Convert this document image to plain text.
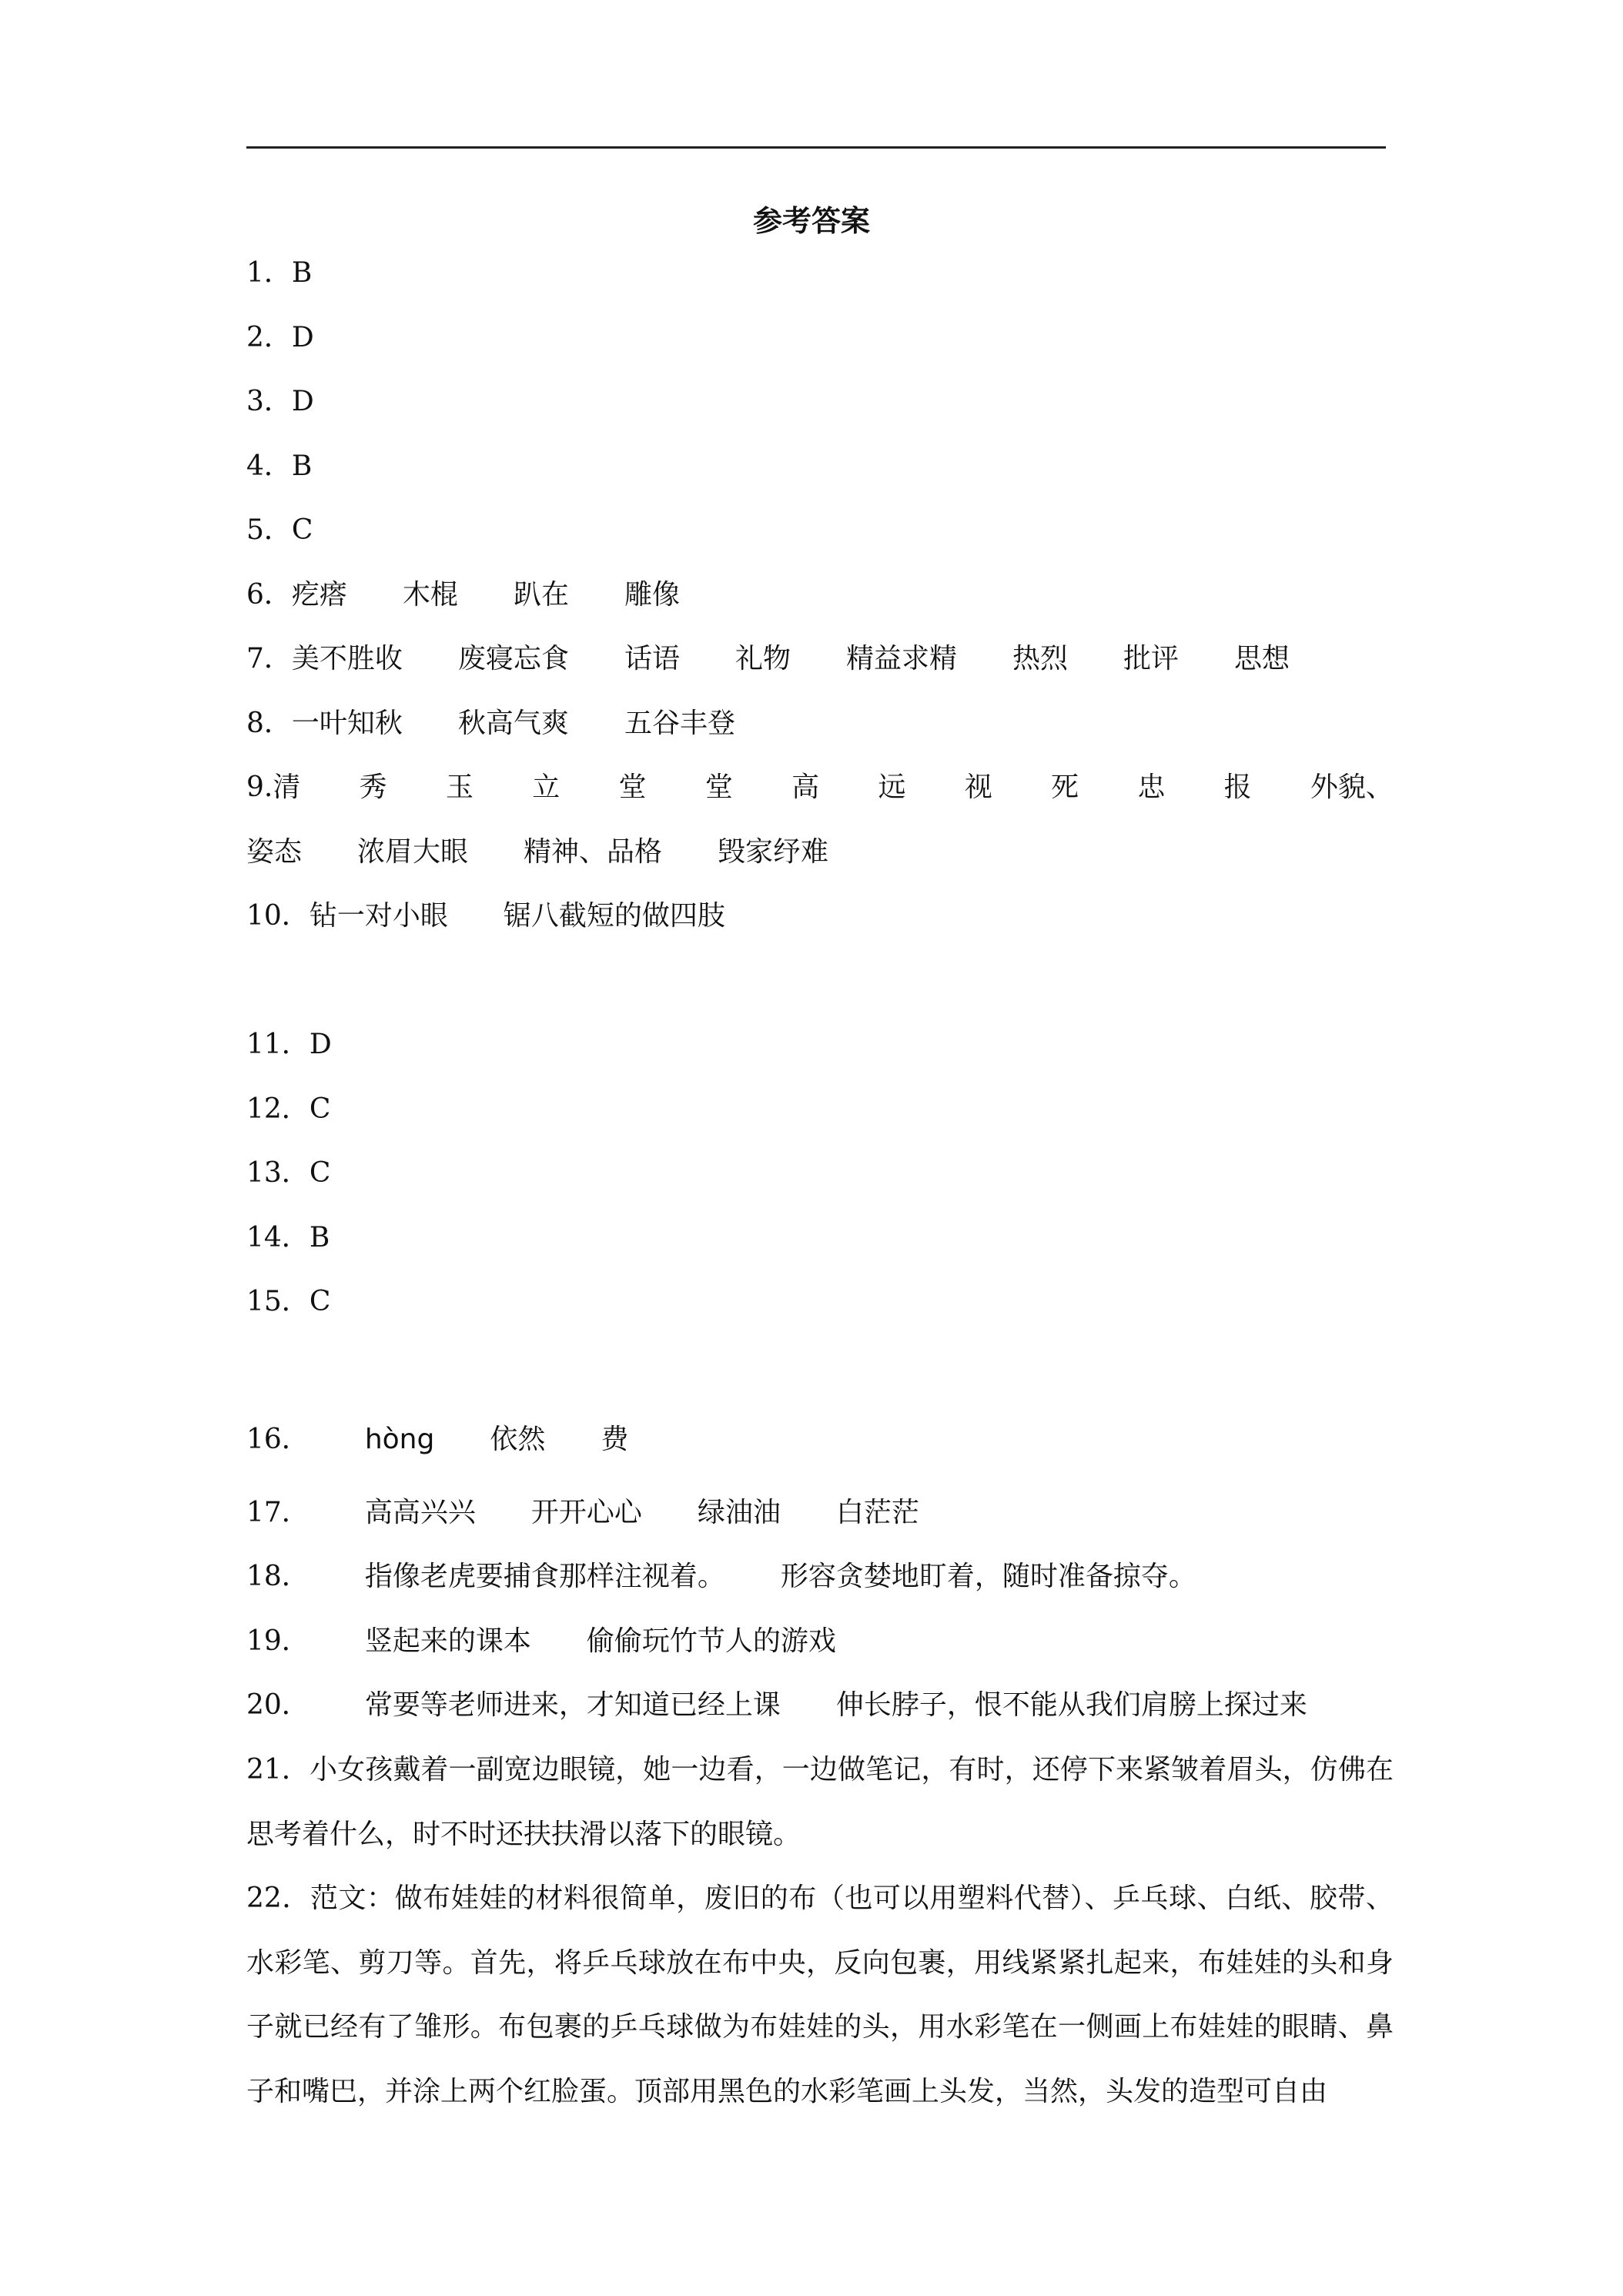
参考答案
1．B
2．D
3．D
4．B
5．C
6．疙瘩 木棍 趴在 雕像
7．美不胜收 废寝忘食 话语 礼物 精益求精 热烈 批评 思想
8．一叶知秋 秋高气爽 五谷丰登
9.清 秀 玉 立 堂 堂 高 远 视 死 忠 报 外貌、
姿态 浓眉大眼 精神、品格 毁家纾难
10．钻一对小眼 锯八截短的做四肢
11．D
12．C
13．C
14．B
15．C
16． hòng 依然 费
17． 高高兴兴 开开心心 绿油油 白茫茫
18． 指像老虎要捕食那样注视着。 形容贪婪地盯着，随时准备掠夺。
19． 竖起来的课本 偷偷玩竹节人的游戏
20． 常要等老师进来，才知道已经上课 伸长脖子，恨不能从我们肩膀上探过来
21．小女孩戴着一副宽边眼镜，她一边看，一边做笔记，有时，还停下来紧皱着眉头，仿佛在思考着什么，时不时还扶扶滑以落下的眼镜。
22．范文：做布娃娃的材料很简单，废旧的布（也可以用塑料代替）、乒乓球、白纸、胶带、水彩笔、剪刀等。首先，将乒乓球放在布中央，反向包裹，用线紧紧扎起来，布娃娃的头和身子就已经有了雏形。布包裹的乒乓球做为布娃娃的头，用水彩笔在一侧画上布娃娃的眼睛、鼻子和嘴巴，并涂上两个红脸蛋。顶部用黑色的水彩笔画上头发，当然，头发的造型可自由
